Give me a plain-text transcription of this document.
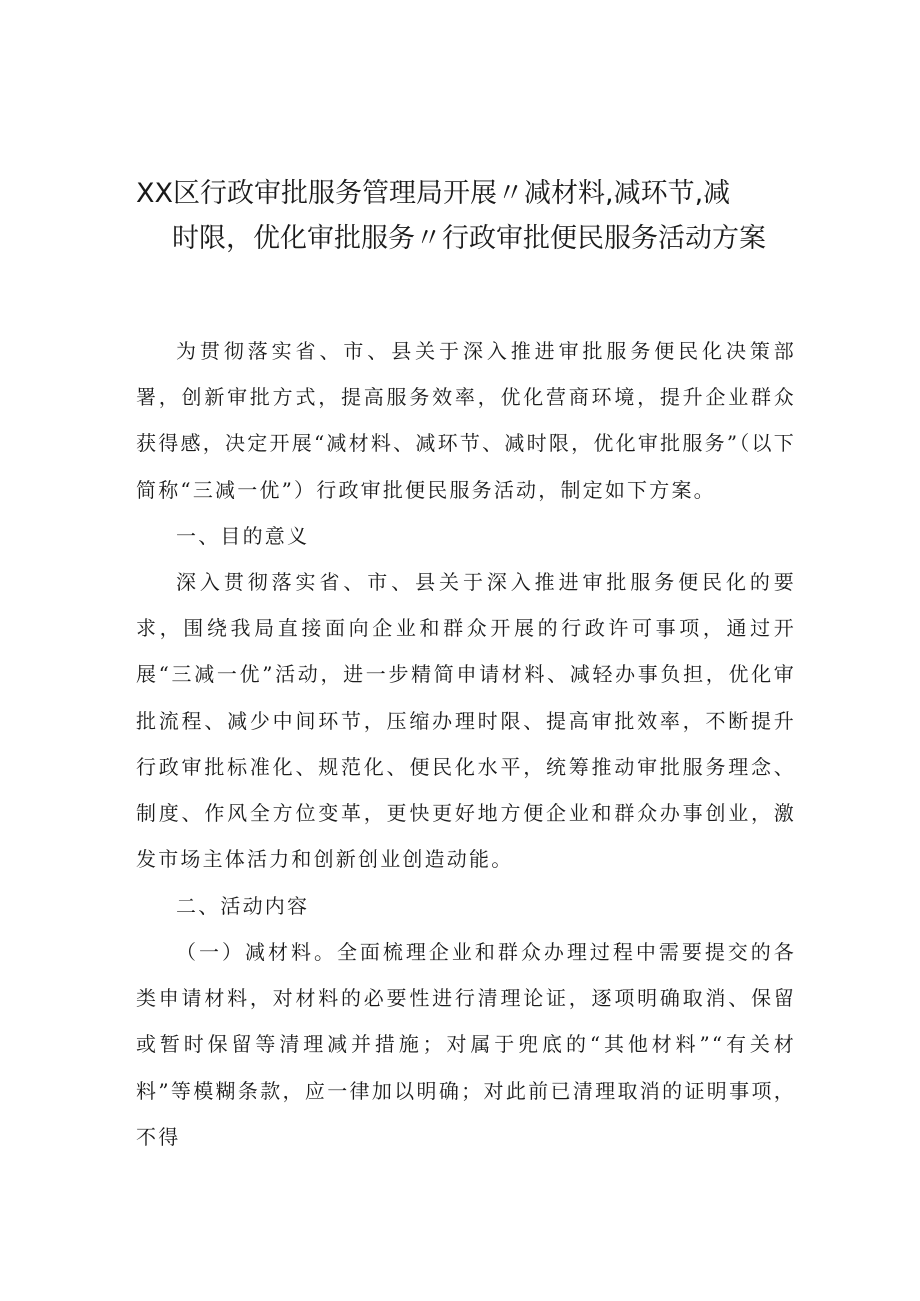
XX区行政审批服务管理局开展〃减材料,减环节,减
时限，优化审批服务〃行政审批便民服务活动方案

为贯彻落实省、市、县关于深入推进审批服务便民化决策部署，创新审批方式，提高服务效率，优化营商环境，提升企业群众获得感，决定开展“减材料、减环节、减时限，优化审批服务”（以下简称“三减一优”）行政审批便民服务活动，制定如下方案。

一、目的意义

深入贯彻落实省、市、县关于深入推进审批服务便民化的要求，围绕我局直接面向企业和群众开展的行政许可事项，通过开展“三减一优”活动，进一步精简申请材料、减轻办事负担，优化审批流程、减少中间环节，压缩办理时限、提高审批效率，不断提升行政审批标准化、规范化、便民化水平，统筹推动审批服务理念、制度、作风全方位变革，更快更好地方便企业和群众办事创业，激发市场主体活力和创新创业创造动能。

二、活动内容

（一）减材料。全面梳理企业和群众办理过程中需要提交的各类申请材料，对材料的必要性进行清理论证，逐项明确取消、保留或暂时保留等清理减并措施；对属于兜底的“其他材料”“有关材料”等模糊条款，应一律加以明确；对此前已清理取消的证明事项，不得
